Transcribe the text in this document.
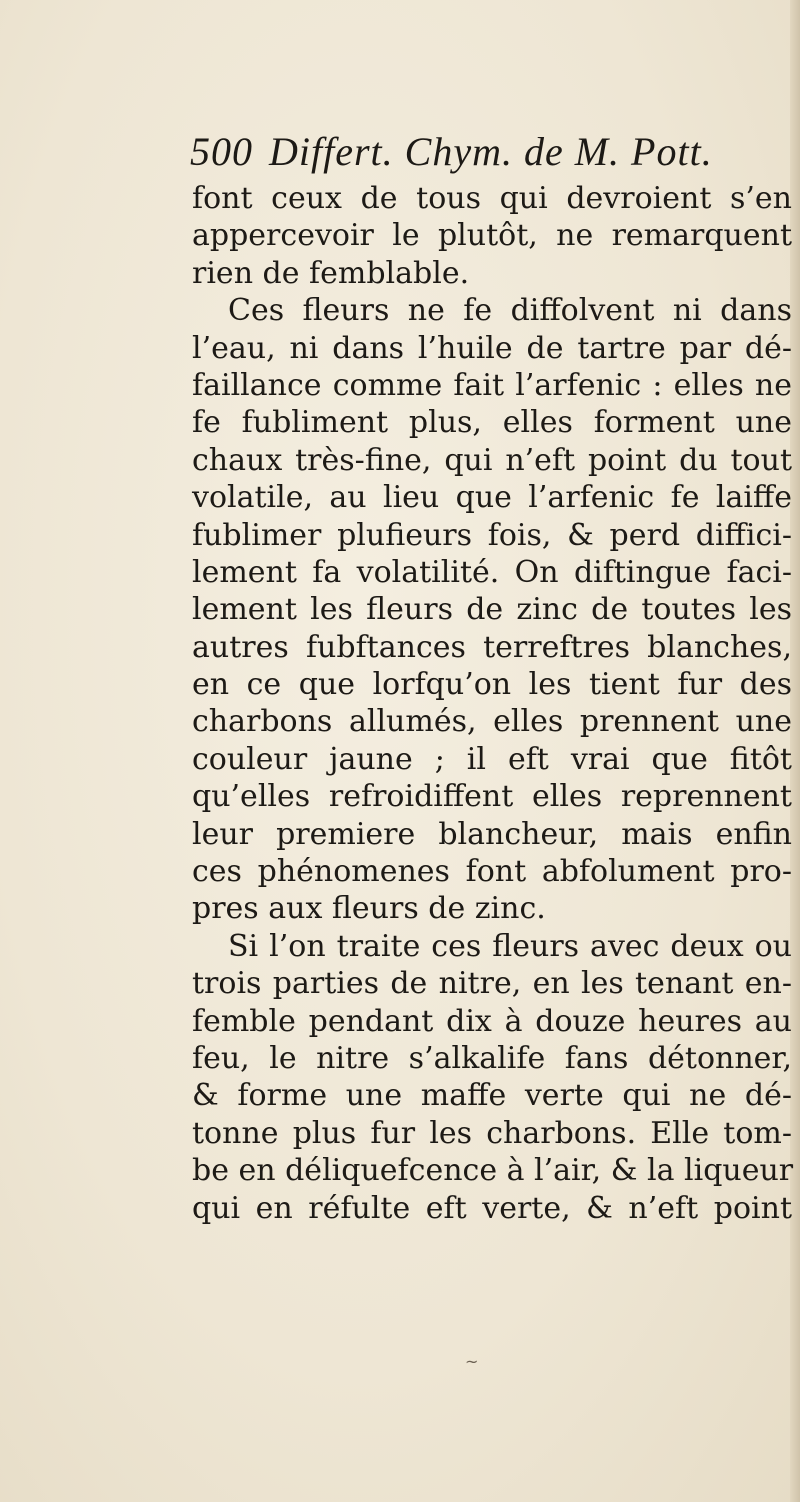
500 Differt. Chym. de M. Pott.
font ceux de tous qui devroient s’en
appercevoir le plutôt, ne remarquent
rien de femblable.
Ces fleurs ne fe diffolvent ni dans
l’eau, ni dans l’huile de tartre par dé-
faillance comme fait l’arfenic : elles ne
fe fubliment plus, elles forment une
chaux très-fine, qui n’eft point du tout
volatile, au lieu que l’arfenic fe laiffe
fublimer plufieurs fois, & perd diffici-
lement fa volatilité. On diftingue faci-
lement les fleurs de zinc de toutes les
autres fubftances terreftres blanches,
en ce que lorfqu’on les tient fur des
charbons allumés, elles prennent une
couleur jaune ; il eft vrai que fitôt
qu’elles refroidiffent elles reprennent
leur premiere blancheur, mais enfin
ces phénomenes font abfolument pro-
pres aux fleurs de zinc.
Si l’on traite ces fleurs avec deux ou
trois parties de nitre, en les tenant en-
femble pendant dix à douze heures au
feu, le nitre s’alkalife fans détonner,
& forme une maffe verte qui ne dé-
tonne plus fur les charbons. Elle tom-
be en déliquefcence à l’air, & la liqueur
qui en réfulte eft verte, & n’eft point
~
